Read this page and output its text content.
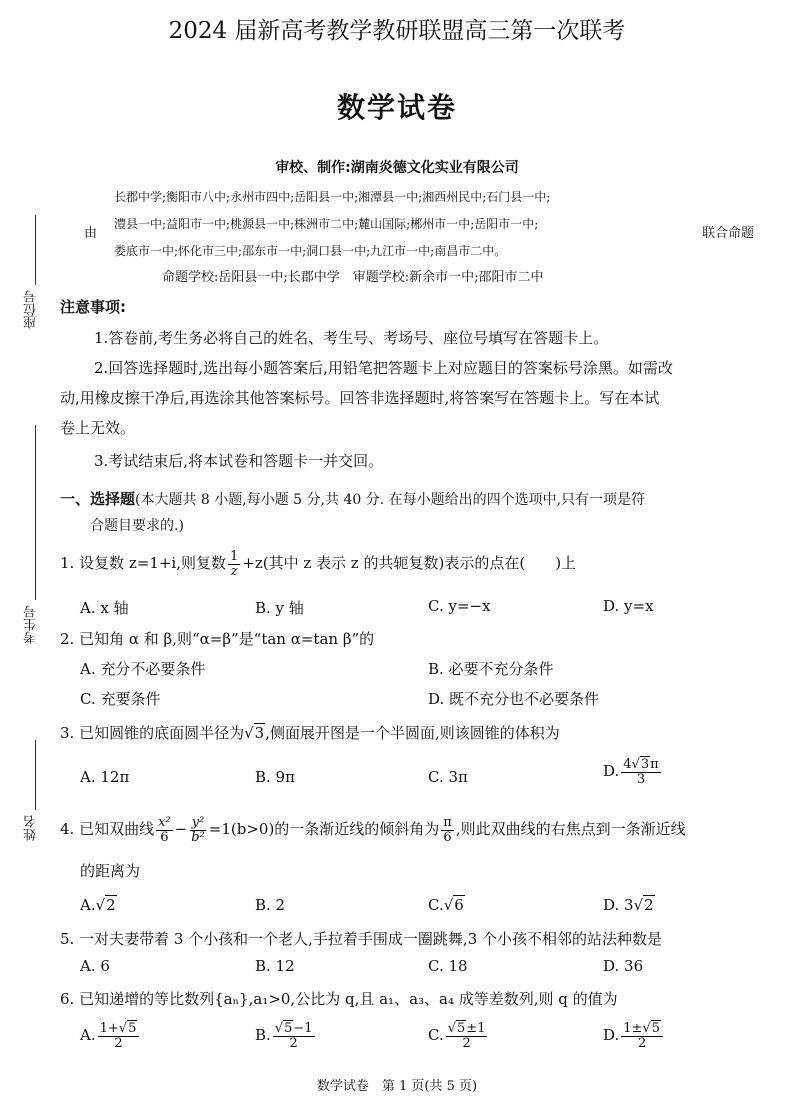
座位号
考生号
姓名
2024 届新高考教学教研联盟高三第一次联考
数学试卷
审校、制作:湖南炎德文化实业有限公司
由
长郡中学;衡阳市八中;永州市四中;岳阳县一中;湘潭县一中;湘西州民中;石门县一中;
澧县一中;益阳市一中;桃源县一中;株洲市二中;麓山国际;郴州市一中;岳阳市一中;
娄底市一中;怀化市三中;邵东市一中;洞口县一中;九江市一中;南昌市二中。
联合命题
命题学校:岳阳县一中;长郡中学　审题学校:新余市一中;邵阳市二中
注意事项:
1.答卷前,考生务必将自己的姓名、考生号、考场号、座位号填写在答题卡上。
2.回答选择题时,选出每小题答案后,用铅笔把答题卡上对应题目的答案标号涂黑。如需改
动,用橡皮擦干净后,再选涂其他答案标号。回答非选择题时,将答案写在答题卡上。写在本试
卷上无效。
3.考试结束后,将本试卷和答题卡一并交回。
一、选择题(本大题共 8 小题,每小题 5 分,共 40 分. 在每小题给出的四个选项中,只有一项是符
合题目要求的.)
1. 设复数 z=1+i,则复数 $\frac{1}{z} +z$(其中 z 表示 z 的共轭复数)表示的点在(　　)上
A. x 轴	B. y 轴	C. y=−x	D. y=x
2. 已知角 α 和 β,则“α=β”是“tan α=tan β”的
A. 充分不必要条件	B. 必要不充分条件
C. 充要条件	D. 既不充分也不必要条件
3. 已知圆锥的底面圆半径为√3,侧面展开图是一个半圆面,则该圆锥的体积为
A. 12π	B. 9π	C. 3π	D. $\frac{4√3\pi}{3}$
4. 已知双曲线 $\frac{\text{x²}}{6} - \frac{\text{y²}}{\text{b²}} =1(b>0)$的一条渐近线的倾斜角为 $\frac{\pi}{6}$ ,则此双曲线的右焦点到一条渐近线
的距离为
A.√2	B. 2	C.√6	D. 3√2
5. 一对夫妻带着 3 个小孩和一个老人,手拉着手围成一圈跳舞,3 个小孩不相邻的站法种数是
A. 6	B. 12	C. 18	D. 36
6. 已知递增的等比数列{aₙ},a₁>0,公比为 q,且 a₁、a₃、a₄ 成等差数列,则 q 的值为
A. $\frac{1+√5}{2}$	B. $\frac{√5-1}{2}$	C. $\frac{√5\pm 1}{2}$	D. $\frac{1\pm√5}{2}$
数学试卷　第 1 页(共 5 页)
